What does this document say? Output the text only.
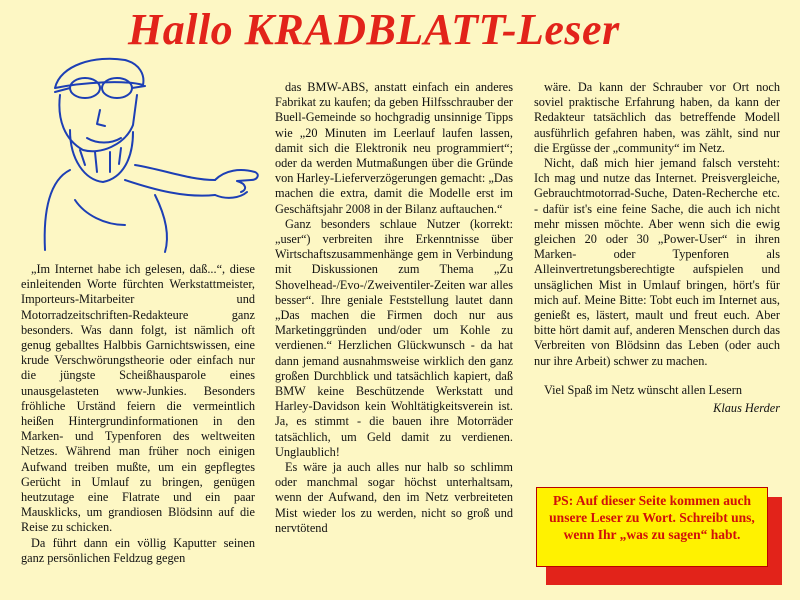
Hallo KRADBLATT-Leser

„Im Internet habe ich gelesen, daß...“, diese einleitenden Worte fürchten Werkstattmeister, Importeurs-Mitarbeiter und Motorradzeitschriften-Redakteure ganz besonders. Was dann folgt, ist nämlich oft genug geballtes Halbbis Garnichtswissen, eine krude Verschwörungstheorie oder einfach nur die jüngste Scheißhausparole eines unausgelasteten www-Junkies. Besonders fröhliche Urständ feiern die vermeintlich heißen Hintergrundinformationen in den Marken- und Typenforen des weltweiten Netzes. Während man früher noch einigen Aufwand treiben mußte, um ein gepflegtes Gerücht in Umlauf zu bringen, genügen heutzutage eine Flatrate und ein paar Mausklicks, um grandiosen Blödsinn auf die Reise zu schicken.

Da führt dann ein völlig Kaputter seinen ganz persönlichen Feldzug gegen

das BMW-ABS, anstatt einfach ein anderes Fabrikat zu kaufen; da geben Hilfsschrauber der Buell-Gemeinde so hochgradig unsinnige Tipps wie „20 Minuten im Leerlauf laufen lassen, damit sich die Elektronik neu programmiert“; oder da werden Mutmaßungen über die Gründe von Harley-Lieferverzögerungen gemacht: „Das machen die extra, damit die Modelle erst im Geschäftsjahr 2008 in der Bilanz auftauchen.“

Ganz besonders schlaue Nutzer (korrekt: „user“) verbreiten ihre Erkenntnisse über Wirtschaftszusammenhänge gem in Verbindung mit Diskussionen zum Thema „Zu Shovelhead-/Evo-/Zweiventiler-Zeiten war alles besser“. Ihre geniale Feststellung lautet dann „Das machen die Firmen doch nur aus Marketinggründen und/oder um Kohle zu verdienen.“ Herzlichen Glückwunsch - da hat dann jemand ausnahmsweise wirklich den ganz großen Durchblick und tatsächlich kapiert, daß BMW keine Beschützende Werkstatt und Harley-Davidson kein Wohltätigkeitsverein ist. Ja, es stimmt - die bauen ihre Motorräder tatsächlich, um Geld damit zu verdienen. Unglaublich!

Es wäre ja auch alles nur halb so schlimm oder manchmal sogar höchst unterhaltsam, wenn der Aufwand, den im Netz verbreiteten Mist wieder los zu werden, nicht so groß und nervtötend

wäre. Da kann der Schrauber vor Ort noch soviel praktische Erfahrung haben, da kann der Redakteur tatsächlich das betreffende Modell ausführlich gefahren haben, was zählt, sind nur die Ergüsse der „community“ im Netz.

Nicht, daß mich hier jemand falsch versteht: Ich mag und nutze das Internet. Preisvergleiche, Gebrauchtmotorrad-Suche, Daten-Recherche etc. - dafür ist's eine feine Sache, die auch ich nicht mehr missen möchte. Aber wenn sich die ewig gleichen 20 oder 30 „Power-User“ in ihren Marken- oder Typenforen als Alleinvertretungsberechtigte aufspielen und unsäglichen Mist in Umlauf bringen, hört's für mich auf. Meine Bitte: Tobt euch im Internet aus, genießt es, lästert, mault und freut euch. Aber bitte hört damit auf, anderen Menschen durch das Verbreiten von Blödsinn das Leben (oder auch nur ihre Arbeit) schwer zu machen.

Viel Spaß im Netz wünscht allen Lesern

Klaus Herder

PS: Auf dieser Seite kommen auch unsere Leser zu Wort. Schreibt uns, wenn Ihr „was zu sagen“ habt.
